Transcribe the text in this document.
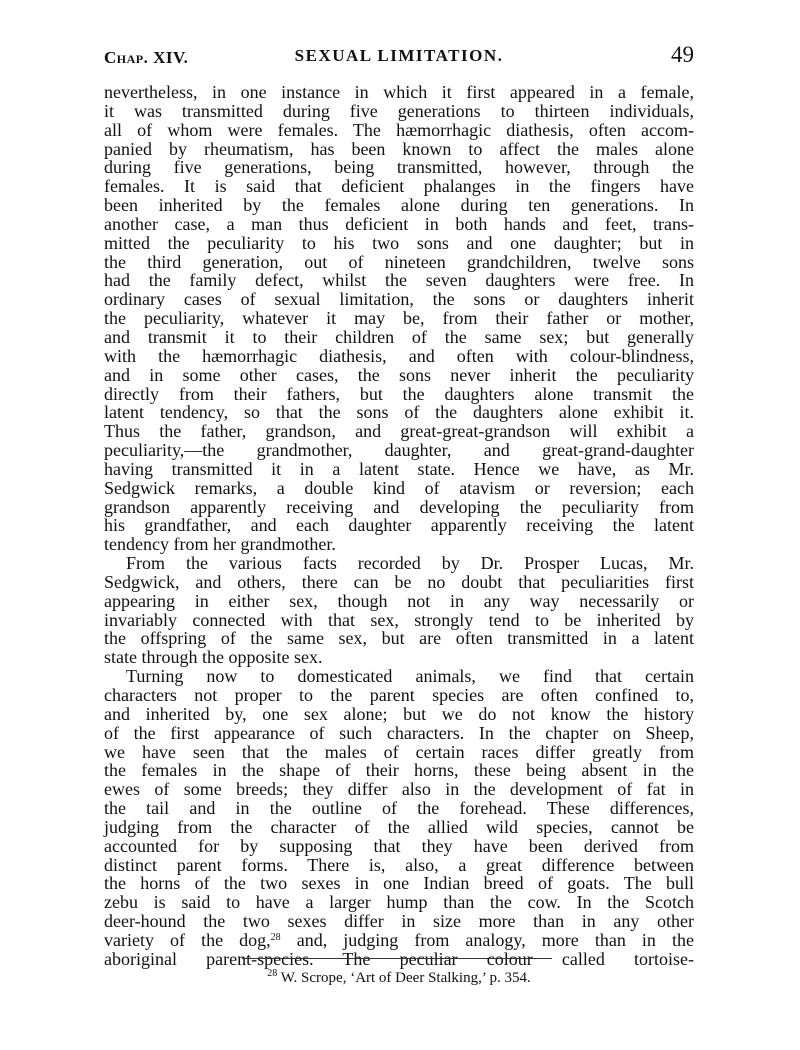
Chap. XIV.	SEXUAL LIMITATION.	49
nevertheless, in one instance in which it first appeared in a female,
it was transmitted during five generations to thirteen individuals,
all of whom were females. The hæmorrhagic diathesis, often accom-
panied by rheumatism, has been known to affect the males alone
during five generations, being transmitted, however, through the
females. It is said that deficient phalanges in the fingers have
been inherited by the females alone during ten generations. In
another case, a man thus deficient in both hands and feet, trans-
mitted the peculiarity to his two sons and one daughter; but in
the third generation, out of nineteen grandchildren, twelve sons
had the family defect, whilst the seven daughters were free. In
ordinary cases of sexual limitation, the sons or daughters inherit
the peculiarity, whatever it may be, from their father or mother,
and transmit it to their children of the same sex; but generally
with the hæmorrhagic diathesis, and often with colour-blindness,
and in some other cases, the sons never inherit the peculiarity
directly from their fathers, but the daughters alone transmit the
latent tendency, so that the sons of the daughters alone exhibit it.
Thus the father, grandson, and great-great-grandson will exhibit a
peculiarity,—the grandmother, daughter, and great-grand-daughter
having transmitted it in a latent state. Hence we have, as Mr.
Sedgwick remarks, a double kind of atavism or reversion; each
grandson apparently receiving and developing the peculiarity from
his grandfather, and each daughter apparently receiving the latent
tendency from her grandmother.
From the various facts recorded by Dr. Prosper Lucas, Mr.
Sedgwick, and others, there can be no doubt that peculiarities first
appearing in either sex, though not in any way necessarily or
invariably connected with that sex, strongly tend to be inherited by
the offspring of the same sex, but are often transmitted in a latent
state through the opposite sex.
Turning now to domesticated animals, we find that certain
characters not proper to the parent species are often confined to,
and inherited by, one sex alone; but we do not know the history
of the first appearance of such characters. In the chapter on Sheep,
we have seen that the males of certain races differ greatly from
the females in the shape of their horns, these being absent in the
ewes of some breeds; they differ also in the development of fat in
the tail and in the outline of the forehead. These differences,
judging from the character of the allied wild species, cannot be
accounted for by supposing that they have been derived from
distinct parent forms. There is, also, a great difference between
the horns of the two sexes in one Indian breed of goats. The bull
zebu is said to have a larger hump than the cow. In the Scotch
deer-hound the two sexes differ in size more than in any other
variety of the dog,$^{28}$ and, judging from analogy, more than in the
aboriginal parent-species. The peculiar colour called tortoise-
$^{28}$ W. Scrope, ‘Art of Deer Stalking,’ p. 354.
